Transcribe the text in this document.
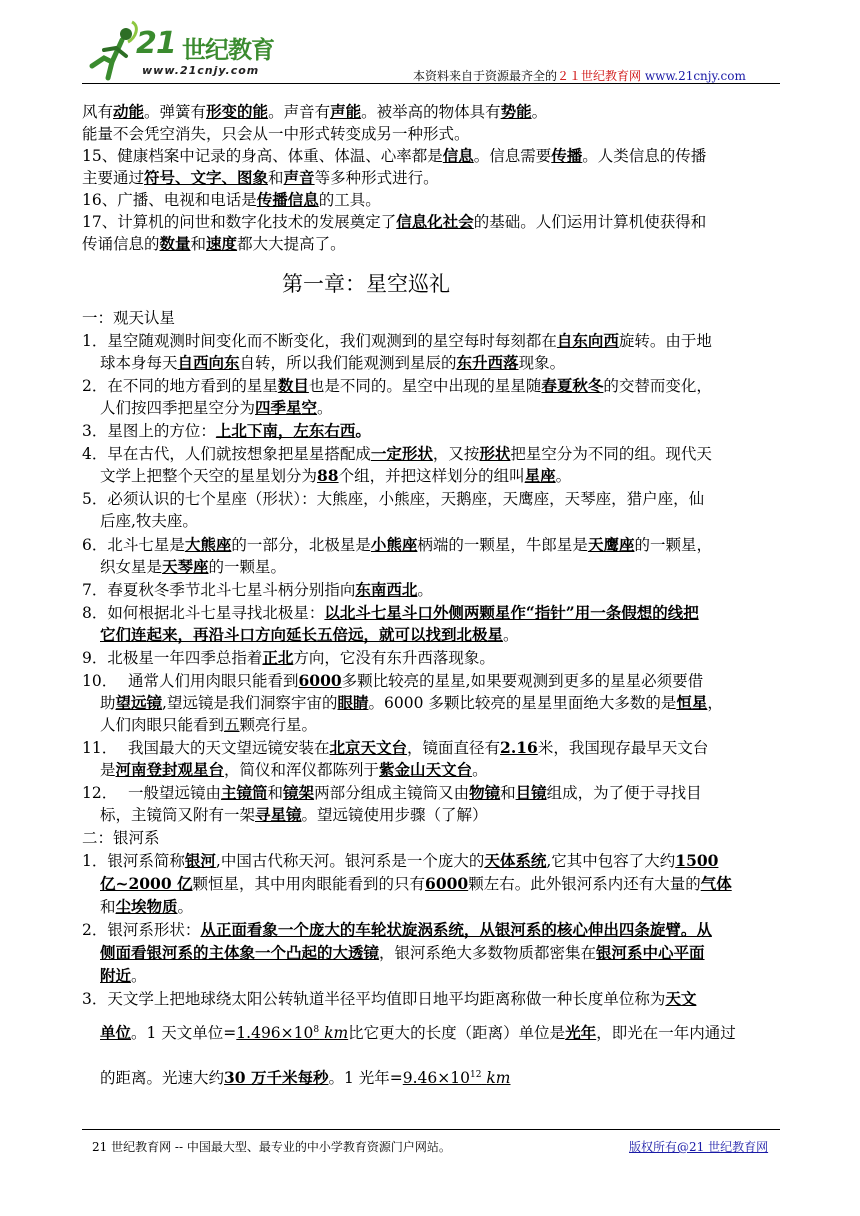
21 世纪教育
www.21cnjy.com	本资料来自于资源最齐全的２１世纪教育网 www.21cnjy.com
风有动能。弹簧有形变的能。声音有声能。被举高的物体具有势能。
能量不会凭空消失，只会从一中形式转变成另一种形式。
15、健康档案中记录的身高、体重、体温、心率都是信息。信息需要传播。人类信息的传播
主要通过符号、文字、图象和声音等多种形式进行。
16、广播、电视和电话是传播信息的工具。
17、计算机的问世和数字化技术的发展奠定了信息化社会的基础。人们运用计算机使获得和
传诵信息的数量和速度都大大提高了。
第一章：星空巡礼
一：观天认星
1．星空随观测时间变化而不断变化，我们观测到的星空每时每刻都在自东向西旋转。由于地
球本身每天自西向东自转，所以我们能观测到星辰的东升西落现象。
2．在不同的地方看到的星星数目也是不同的。星空中出现的星星随春夏秋冬的交替而变化，
人们按四季把星空分为四季星空。
3．星图上的方位：上北下南，左东右西。
4．早在古代，人们就按想象把星星搭配成一定形状，又按形状把星空分为不同的组。现代天
文学上把整个天空的星星划分为88个组，并把这样划分的组叫星座。
5．必须认识的七个星座（形状）：大熊座，小熊座，天鹅座，天鹰座，天琴座，猎户座，仙
后座,牧夫座。
6．北斗七星是大熊座的一部分，北极星是小熊座柄端的一颗星，牛郎星是天鹰座的一颗星，
织女星是天琴座的一颗星。
7．春夏秋冬季节北斗七星斗柄分别指向东南西北。
8．如何根据北斗七星寻找北极星：以北斗七星斗口外侧两颗星作“指针”用一条假想的线把
它们连起来，再沿斗口方向延长五倍远，就可以找到北极星。
9．北极星一年四季总指着正北方向，它没有东升西落现象。
10． 通常人们用肉眼只能看到6000多颗比较亮的星星,如果要观测到更多的星星必须要借
助望远镜,望远镜是我们洞察宇宙的眼睛。6000 多颗比较亮的星星里面绝大多数的是恒星，
人们肉眼只能看到五颗亮行星。
11． 我国最大的天文望远镜安装在北京天文台，镜面直径有2.16米，我国现存最早天文台
是河南登封观星台，简仪和浑仪都陈列于紫金山天文台。
12． 一般望远镜由主镜筒和镜架两部分组成主镜筒又由物镜和目镜组成，为了便于寻找目
标，主镜筒又附有一架寻星镜。望远镜使用步骤（了解）
二：银河系
1．银河系简称银河,中国古代称天河。银河系是一个庞大的天体系统,它其中包容了大约1500
亿~2000 亿颗恒星，其中用肉眼能看到的只有6000颗左右。此外银河系内还有大量的气体
和尘埃物质。
2．银河系形状：从正面看象一个庞大的车轮状旋涡系统，从银河系的核心伸出四条旋臂。从
侧面看银河系的主体象一个凸起的大透镜，银河系绝大多数物质都密集在银河系中心平面
附近。
3．天文学上把地球绕太阳公转轨道半径平均值即日地平均距离称做一种长度单位称为天文
单位。1 天文单位$=1.496\times 10^8$ km比它更大的长度（距离）单位是光年，即光在一年内通过
的距离。光速大约30 万千米每秒。1 光年$=9.46\times 10^{12}$ km
21 世纪教育网 -- 中国最大型、最专业的中小学教育资源门户网站。	版权所有@21 世纪教育网
